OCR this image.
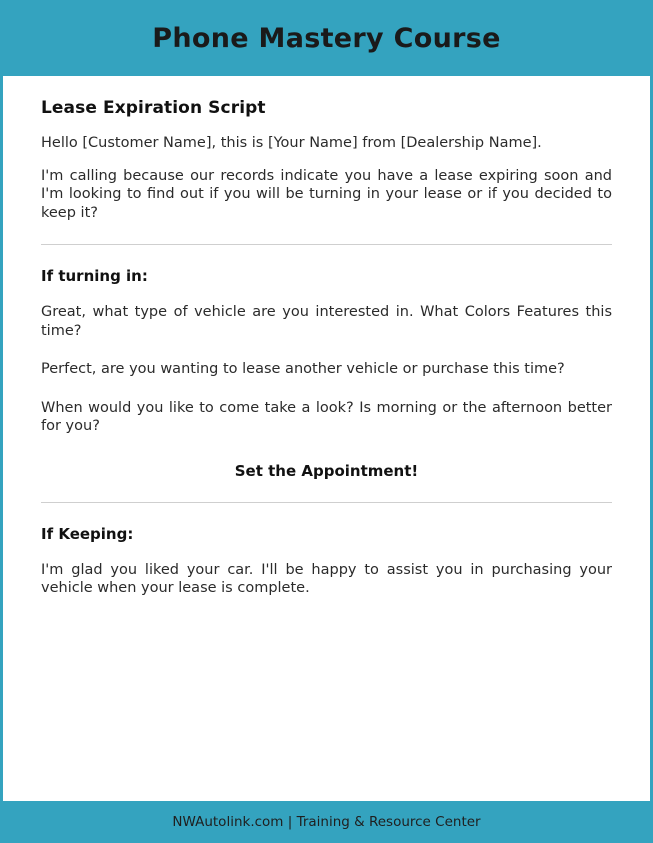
Phone Mastery Course
Lease Expiration Script

Hello [Customer Name], this is [Your Name] from [Dealership Name].

I'm calling because our records indicate you have a lease expiring soon and I'm looking to find out if you will be turning in your lease or if you decided to keep it?

If turning in:

Great, what type of vehicle are you interested in. What Colors Features this time?

Perfect, are you wanting to lease another vehicle or purchase this time?

When would you like to come take a look? Is morning or the afternoon better for you?

Set the Appointment!
If Keeping:

I'm glad you liked your car. I'll be happy to assist you in purchasing your vehicle when your lease is complete.

NWAutolink.com | Training & Resource Center
